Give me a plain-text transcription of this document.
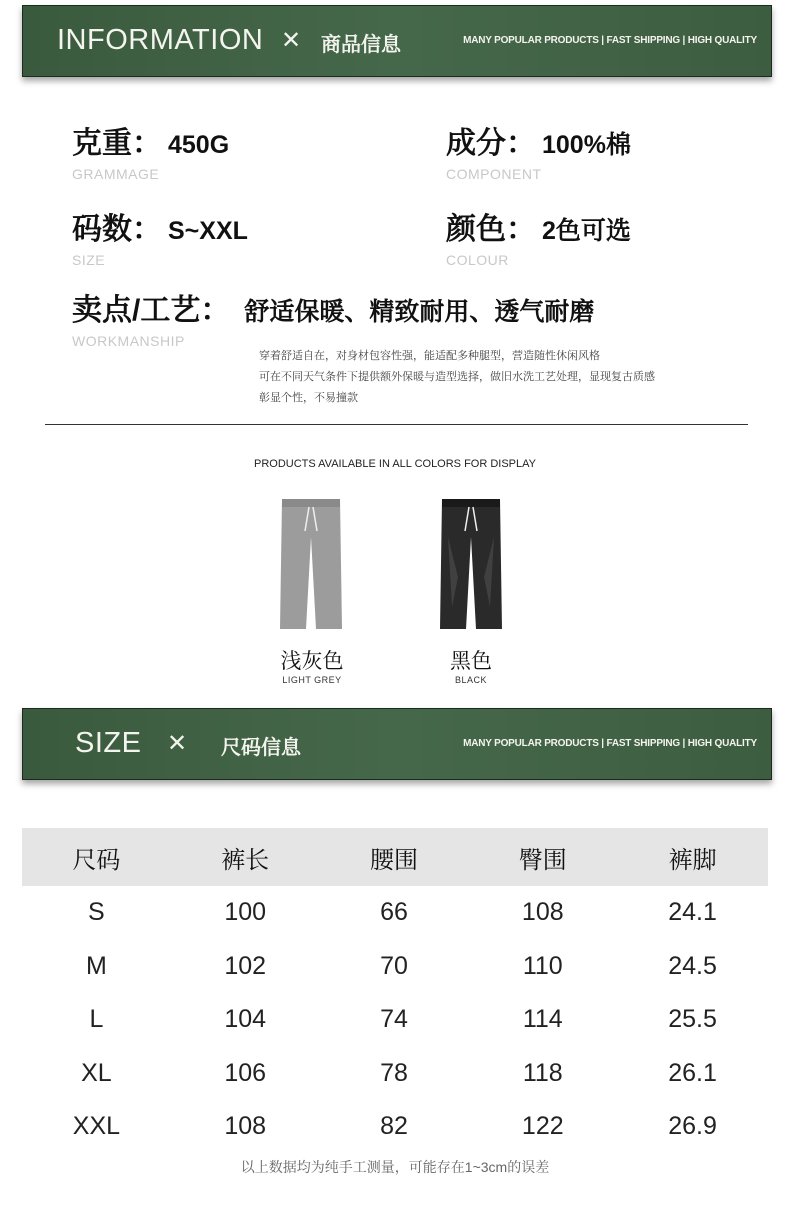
INFORMATION ✕ 商品信息	MANY POPULAR PRODUCTS | FAST SHIPPING | HIGH QUALITY
克重： 450G
GRAMMAGE
成分： 100%棉
COMPONENT
码数： S~XXL
SIZE
颜色： 2色可选
COLOUR
卖点/工艺： 舒适保暖、精致耐用、透气耐磨
WORKMANSHIP
穿着舒适自在，对身材包容性强，能适配多种腿型，营造随性休闲风格
可在不同天气条件下提供额外保暖与造型选择，做旧水洗工艺处理，显现复古质感
彰显个性，不易撞款
PRODUCTS AVAILABLE IN ALL COLORS FOR DISPLAY
浅灰色
LIGHT GREY
黑色
BLACK
SIZE ✕ 尺码信息	MANY POPULAR PRODUCTS | FAST SHIPPING | HIGH QUALITY
尺码	裤长	腰围	臀围	裤脚
S	100	66	108	24.1
M	102	70	110	24.5
L	104	74	114	25.5
XL	106	78	118	26.1
XXL	108	82	122	26.9
以上数据均为纯手工测量，可能存在1~3cm的误差
